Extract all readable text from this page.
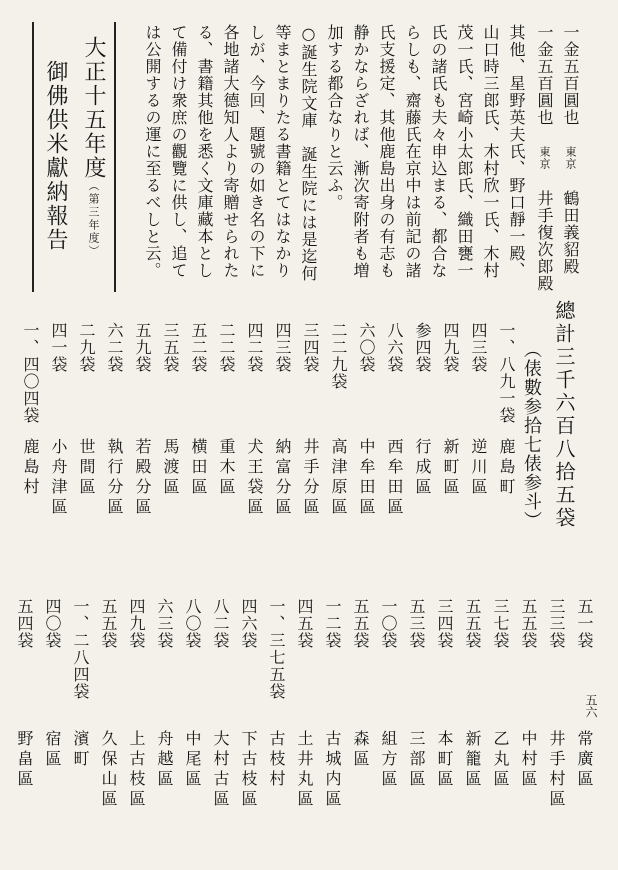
五六
一金五百圓也 東京 鶴田義貂殿
一金五百圓也 東京 井手復次郎殿
其他、星野英夫氏、野口靜一殿、
山口時三郎氏、木村欣一氏、木村
茂一氏、宮崎小太郎氏、織田甕一
氏の諸氏も夫々申込まる、都合な
らしも、齋藤氏在京中は前記の諸
氏支援定、其他鹿島出身の有志も
静かならざれば、漸次寄附者も増
加する都合なりと云ふ。
○誕生院文庫　誕生院には是迄何
等まとまりたる書籍とてはなかり
しが、今回、題號の如き名の下に
各地諸大德知人より寄贈せられた
る、書籍其他を悉く文庫藏本とし
て備付け衆庶の觀覽に供し、追て
は公開するの運に至るべしと云。
大正十五年度（第三年度）
御佛供米獻納報告
總計三千六百八拾五袋
（俵數参拾七俵参斗）
一、八九一袋
鹿島町
四三袋
逆川區
四九袋
新町區
参四袋
行成區
八六袋
西牟田區
六〇袋
中牟田區
二二九袋
高津原區
三四袋
井手分區
四三袋
納富分區
四二袋
犬王袋區
二二袋
重木區
五二袋
横田區
三五袋
馬渡區
五九袋
若殿分區
六二袋
執行分區
二九袋
世間區
四一袋
小舟津區
一、四〇四袋
鹿島村
五一袋
常廣區
三三袋
井手村區
五五袋
中村區
三七袋
乙丸區
五五袋
新籠區
三四袋
本町區
五三袋
三部區
一〇袋
組方區
五五袋
森區
一二袋
古城内區
四五袋
土井丸區
一、三七五袋
古枝村
四六袋
下古枝區
八二袋
大村古區
八〇袋
中尾區
六三袋
舟越區
四九袋
上古枝區
五五袋
久保山區
一、二八四袋
濱町
四〇袋
宿區
五四袋
野畠區
